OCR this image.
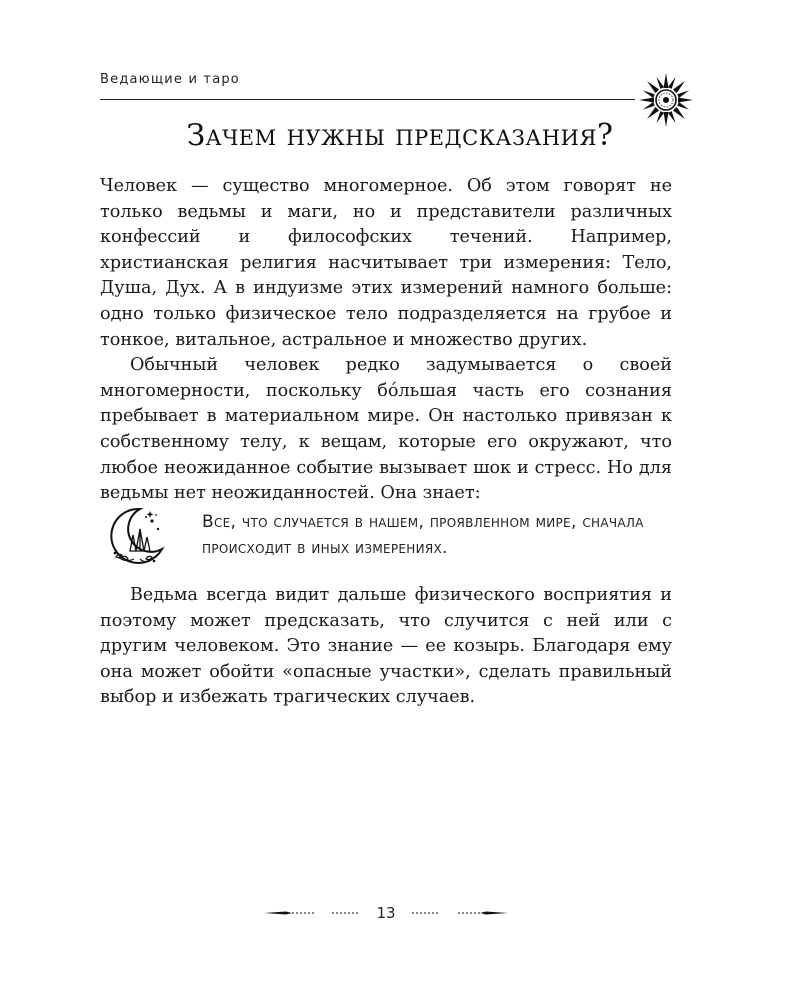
Ведающие и таро
Зачем нужны предсказания?

Человек — существо многомерное. Об этом говорят не только ведьмы и маги, но и представители различных конфессий и философских течений. Например, христианская религия насчитывает три измерения: Тело, Душа, Дух. А в индуизме этих измерений намного больше: одно только физическое тело подразделяется на грубое и тонкое, витальное, астральное и множество других.

Обычный человек редко задумывается о своей многомерности, поскольку бо́льшая часть его сознания пребывает в материальном мире. Он настолько привязан к собственному телу, к вещам, которые его окружают, что любое неожиданное событие вызывает шок и стресс. Но для ведьмы нет неожиданностей. Она знает:

Все, что случается в нашем, проявленном мире, сначала происходит в иных измерениях.

Ведьма всегда видит дальше физического восприятия и поэтому может предсказать, что случится с ней или с другим человеком. Это знание — ее козырь. Благодаря ему она может обойти «опасные участки», сделать правильный выбор и избежать трагических случаев.

13
